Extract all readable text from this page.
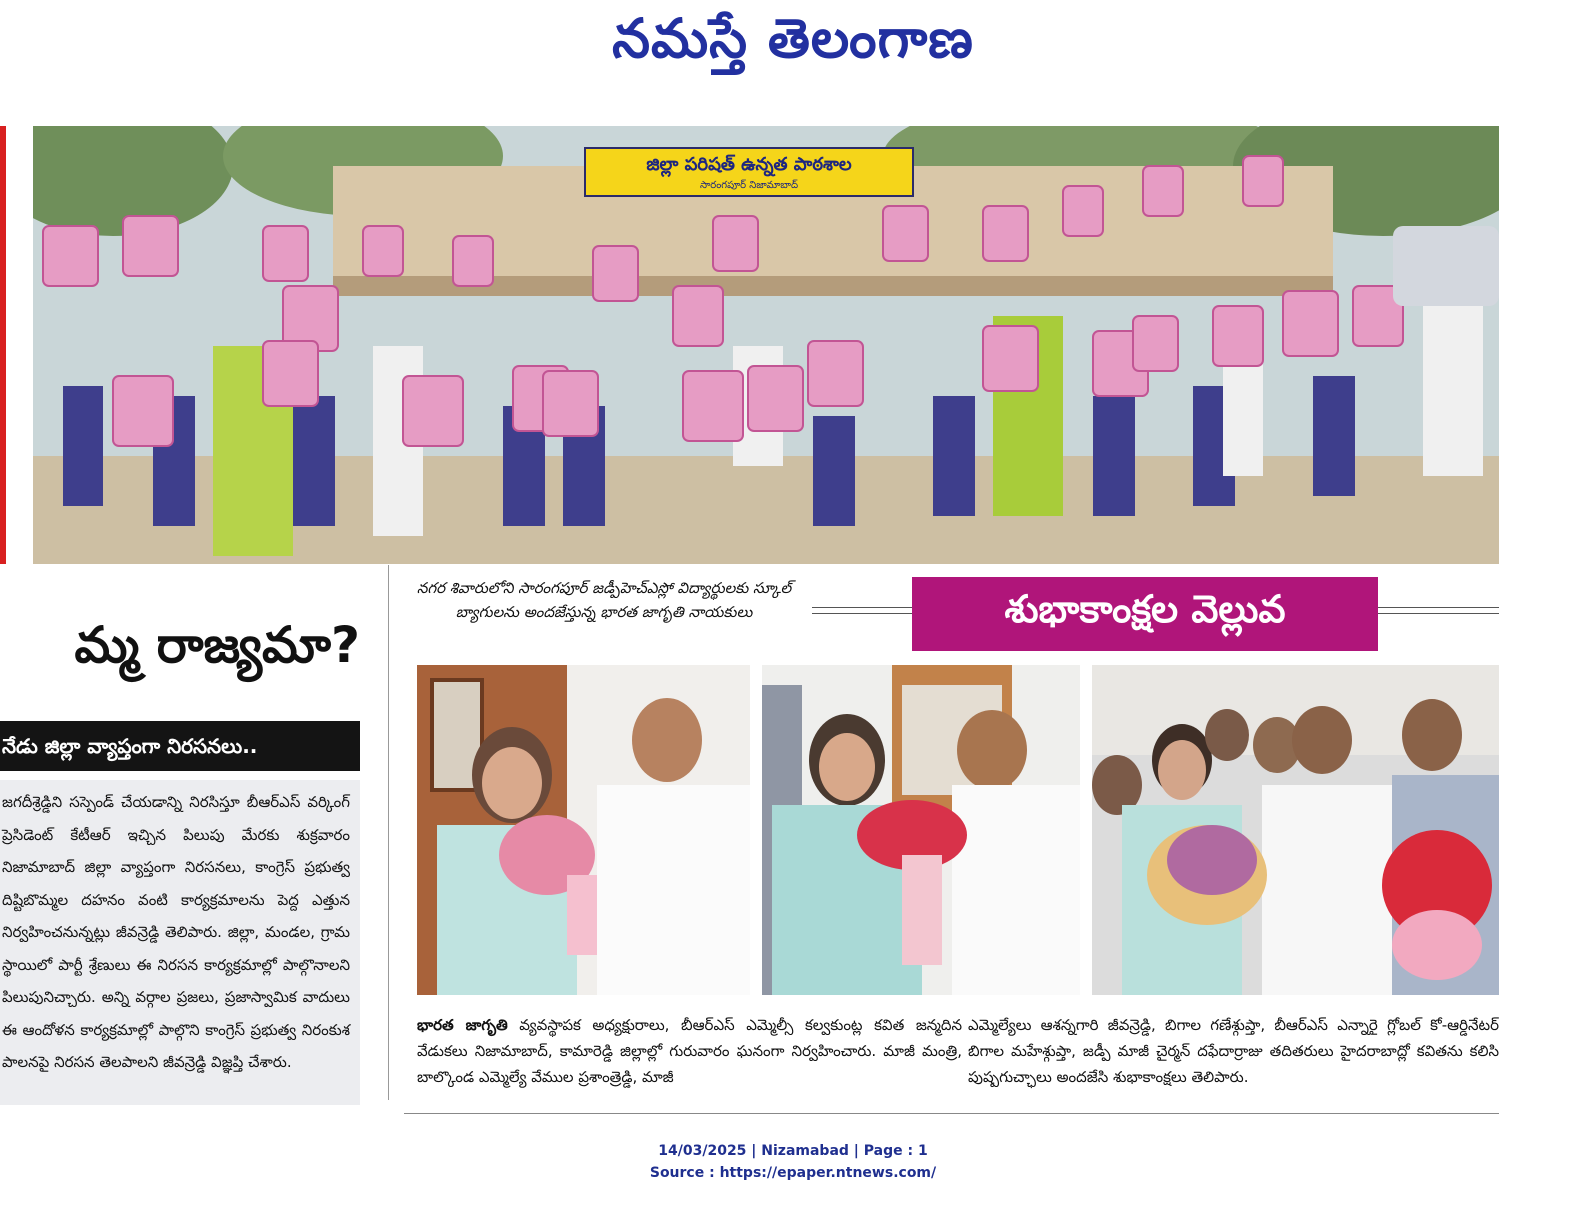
నమస్తే తెలంగాణ
జిల్లా పరిషత్ ఉన్నత పాఠశాల
సారంగపూర్ నిజామాబాద్
నగర శివారులోని సారంగపూర్ జడ్పీహెచ్ఎస్లో విద్యార్థులకు స్కూల్ బ్యాగులను అందజేస్తున్న భారత జాగృతి నాయకులు	శుభాకాంక్షల వెల్లువ
మ్మ రాజ్యమా?
నేడు జిల్లా వ్యాప్తంగా నిరసనలు..
జగదీశ్రెడ్డిని సస్పెండ్ చేయడాన్ని నిరసిస్తూ బీఆర్ఎస్ వర్కింగ్ ప్రెసిడెంట్ కేటీఆర్ ఇచ్చిన పిలుపు మేరకు శుక్రవారం నిజామాబాద్ జిల్లా వ్యాప్తంగా నిరసనలు, కాంగ్రెస్ ప్రభుత్వ దిష్టిబొమ్మల దహనం వంటి కార్యక్రమాలను పెద్ద ఎత్తున నిర్వహించనున్నట్లు జీవన్రెడ్డి తెలిపారు. జిల్లా, మండల, గ్రామ స్థాయిలో పార్టీ శ్రేణులు ఈ నిరసన కార్యక్రమాల్లో పాల్గొనాలని పిలుపునిచ్చారు. అన్ని వర్గాల ప్రజలు, ప్రజాస్వామిక వాదులు ఈ ఆందోళన కార్యక్రమాల్లో పాల్గొని కాంగ్రెస్ ప్రభుత్వ నిరంకుశ పాలనపై నిరసన తెలపాలని జీవన్రెడ్డి విజ్ఞప్తి చేశారు.
భారత జాగృతి వ్యవస్థాపక అధ్యక్షురాలు, బీఆర్ఎస్ ఎమ్మెల్సీ కల్వకుంట్ల కవిత జన్మదిన వేడుకలు నిజామాబాద్, కామారెడ్డి జిల్లాల్లో గురువారం ఘనంగా నిర్వహించారు. మాజీ మంత్రి, బాల్కొండ ఎమ్మెల్యే వేముల ప్రశాంత్రెడ్డి, మాజీ
ఎమ్మెల్యేలు ఆశన్నగారి జీవన్రెడ్డి, బిగాల గణేశ్గుప్తా, బీఆర్ఎస్ ఎన్నారై గ్లోబల్ కో-ఆర్డినేటర్ బిగాల మహేశ్గుప్తా, జడ్పీ మాజీ చైర్మన్ దఫేదార్రాజు తదితరులు హైదరాబాద్లో కవితను కలిసి పుష్పగుచ్ఛాలు అందజేసి శుభాకాంక్షలు తెలిపారు.
14/03/2025 | Nizamabad | Page : 1
Source : https://epaper.ntnews.com/
